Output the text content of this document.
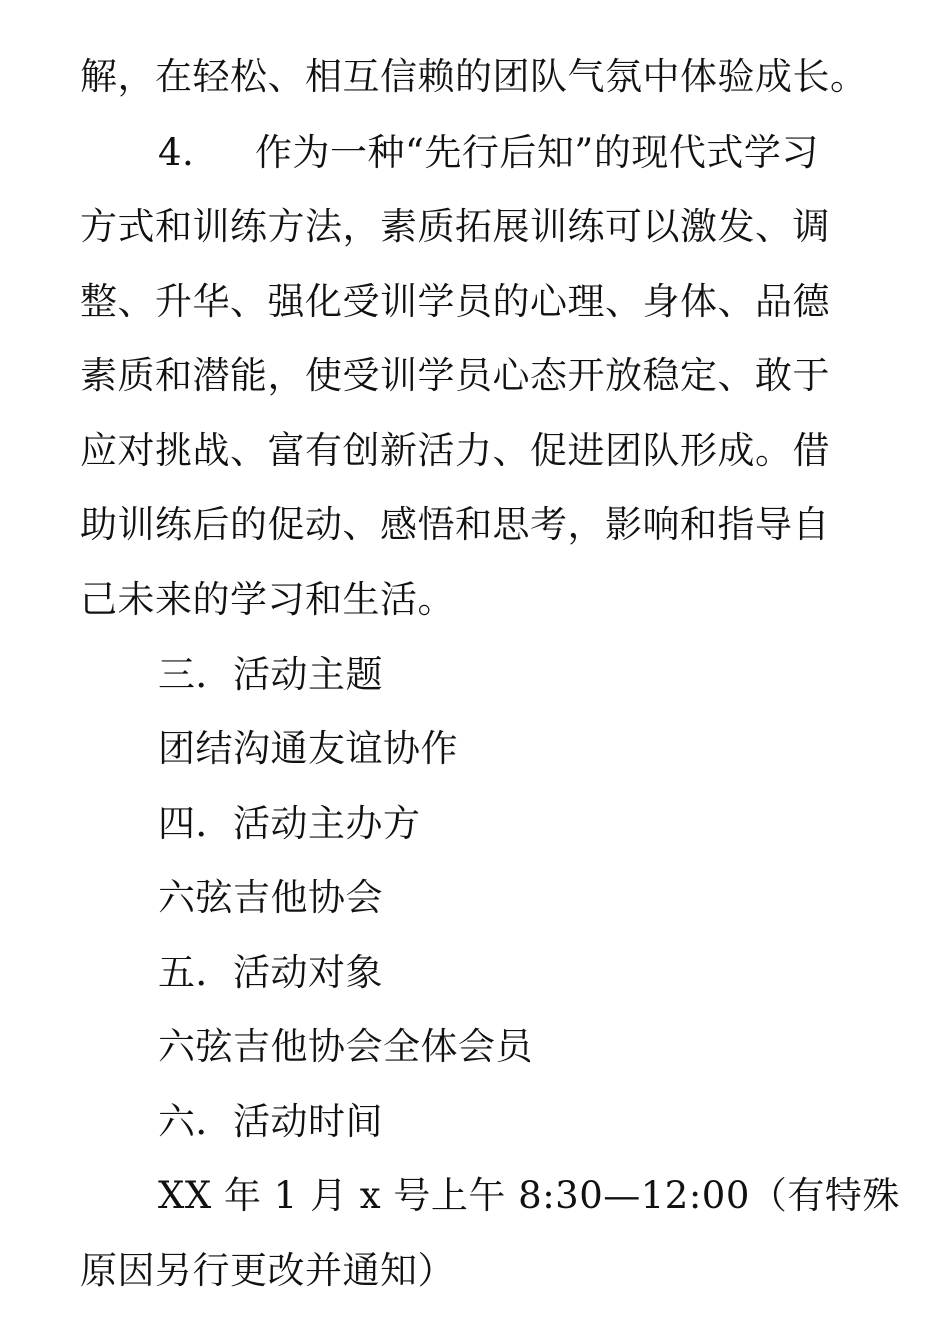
解，在轻松、相互信赖的团队气氛中体验成长。
4. 作为一种“先行后知”的现代式学习
方式和训练方法，素质拓展训练可以激发、调
整、升华、强化受训学员的心理、身体、品德
素质和潜能，使受训学员心态开放稳定、敢于
应对挑战、富有创新活力、促进团队形成。借
助训练后的促动、感悟和思考，影响和指导自
己未来的学习和生活。
三．活动主题
团结沟通友谊协作
四．活动主办方
六弦吉他协会
五．活动对象
六弦吉他协会全体会员
六．活动时间
XX 年 1 月 x 号上午 8:30—12:00（有特殊
原因另行更改并通知）
